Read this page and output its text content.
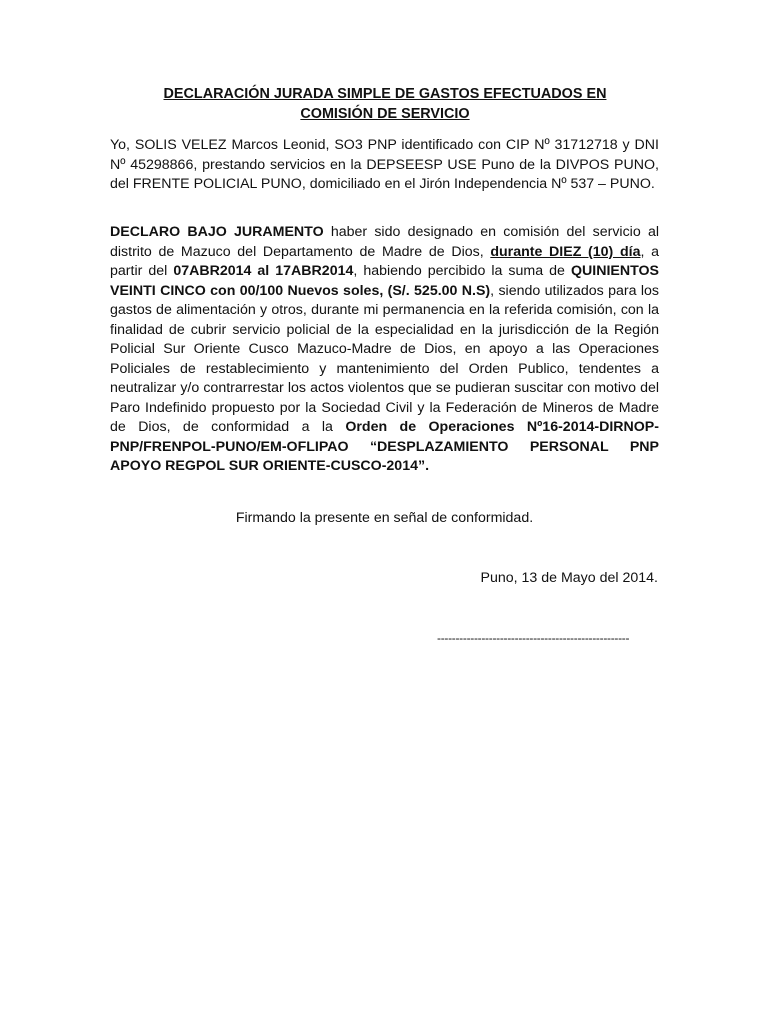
DECLARACIÓN JURADA SIMPLE DE GASTOS EFECTUADOS EN
COMISIÓN DE SERVICIO

Yo, SOLIS VELEZ Marcos Leonid, SO3 PNP identificado con CIP Nº 31712718 y DNI Nº 45298866, prestando servicios en la DEPSEESP USE Puno de la DIVPOS PUNO, del FRENTE POLICIAL PUNO, domiciliado en el Jirón Independencia Nº 537 – PUNO.

DECLARO BAJO JURAMENTO haber sido designado en comisión del servicio al distrito de Mazuco del Departamento de Madre de Dios, durante DIEZ (10) día, a partir del 07ABR2014 al 17ABR2014, habiendo percibido la suma de QUINIENTOS VEINTI CINCO con 00/100 Nuevos soles, (S/. 525.00 N.S), siendo utilizados para los gastos de alimentación y otros, durante mi permanencia en la referida comisión, con la finalidad de cubrir servicio policial de la especialidad en la jurisdicción de la Región Policial Sur Oriente Cusco Mazuco-Madre de Dios, en apoyo a las Operaciones Policiales de restablecimiento y mantenimiento del Orden Publico, tendentes a neutralizar y/o contrarrestar los actos violentos que se pudieran suscitar con motivo del Paro Indefinido propuesto por la Sociedad Civil y la Federación de Mineros de Madre de Dios, de conformidad a la Orden de Operaciones Nº16-2014-DIRNOP-PNP/FRENPOL-PUNO/EM-OFLIPAO “DESPLAZAMIENTO PERSONAL PNP APOYO REGPOL SUR ORIENTE-CUSCO-2014”.

Firmando la presente en señal de conformidad.
Puno, 13 de Mayo del 2014.
----------------------------------------------------
